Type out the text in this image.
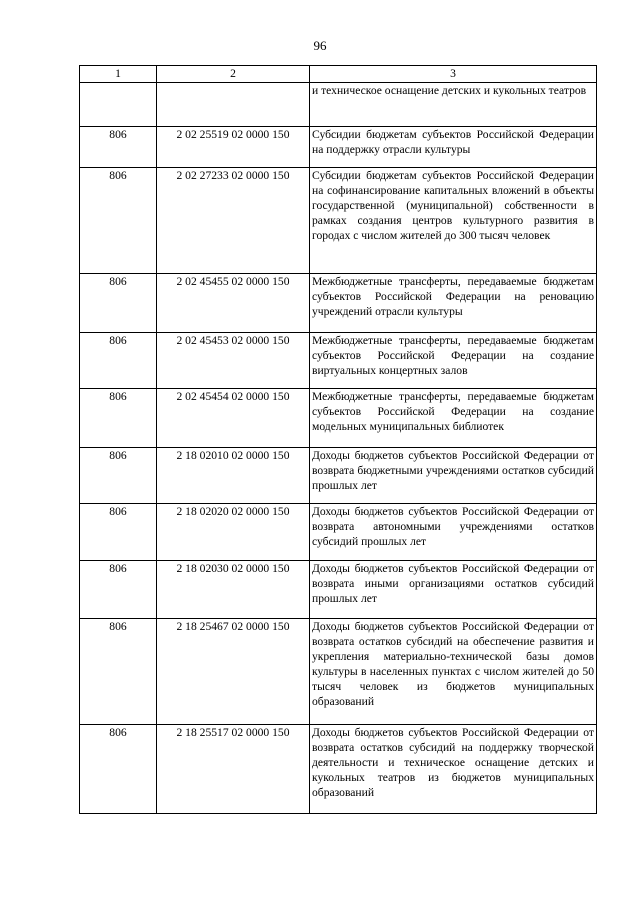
96
1	2	3
		и техническое оснащение детских и кукольных театров
806	2 02 25519 02 0000 150	Субсидии бюджетам субъектов Российской Федерации на поддержку отрасли культуры
806	2 02 27233 02 0000 150	Субсидии бюджетам субъектов Российской Федерации на софинансирование капитальных вложений в объекты государственной (муниципальной) собственности в рамках создания центров культурного развития в городах с числом жителей до 300 тысяч человек
806	2 02 45455 02 0000 150	Межбюджетные трансферты, передаваемые бюджетам субъектов Российской Федерации на реновацию учреждений отрасли культуры
806	2 02 45453 02 0000 150	Межбюджетные трансферты, передаваемые бюджетам субъектов Российской Федерации на создание виртуальных концертных залов
806	2 02 45454 02 0000 150	Межбюджетные трансферты, передаваемые бюджетам субъектов Российской Федерации на создание модельных муниципальных библиотек
806	2 18 02010 02 0000 150	Доходы бюджетов субъектов Российской Федерации от возврата бюджетными учреждениями остатков субсидий прошлых лет
806	2 18 02020 02 0000 150	Доходы бюджетов субъектов Российской Федерации от возврата автономными учреждениями остатков субсидий прошлых лет
806	2 18 02030 02 0000 150	Доходы бюджетов субъектов Российской Федерации от возврата иными организациями остатков субсидий прошлых лет
806	2 18 25467 02 0000 150	Доходы бюджетов субъектов Российской Федерации от возврата остатков субсидий на обеспечение развития и укрепления материально-технической базы домов культуры в населенных пунктах с числом жителей до 50 тысяч человек из бюджетов муниципальных образований
806	2 18 25517 02 0000 150	Доходы бюджетов субъектов Российской Федерации от возврата остатков субсидий на поддержку творческой деятельности и техническое оснащение детских и кукольных театров из бюджетов муниципальных образований
